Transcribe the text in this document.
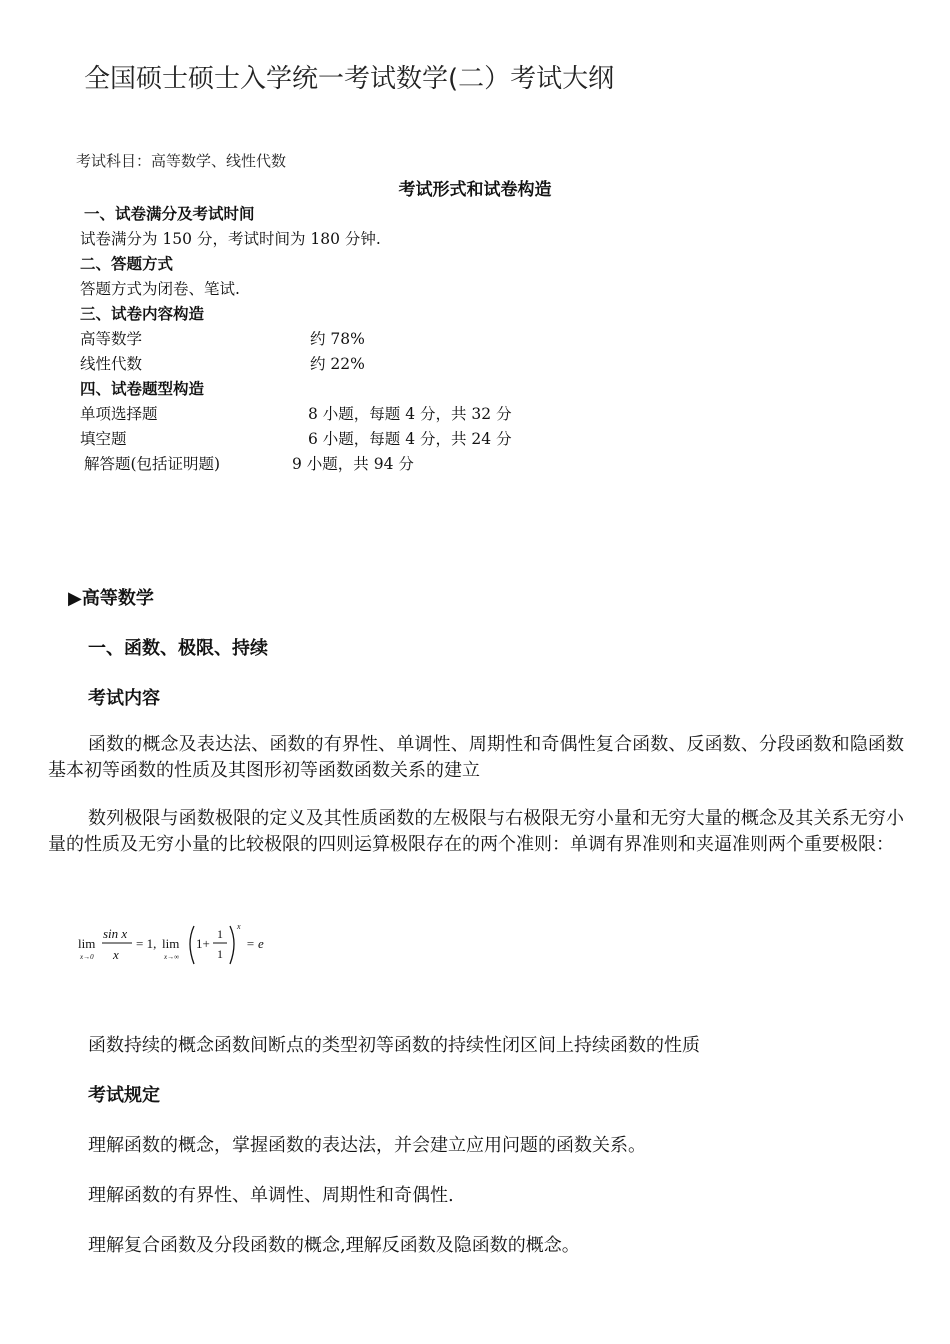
全国硕士硕士入学统一考试数学(二）考试大纲
考试科目：高等数学、线性代数
考试形式和试卷构造
一、试卷满分及考试时间
试卷满分为 150 分，考试时间为 180 分钟.
二、答题方式
答题方式为闭卷、笔试.
三、试卷内容构造
高等数学	约 78%
线性代数	约 22%
四、试卷题型构造
单项选择题	8 小题，每题 4 分，共 32 分
填空题	6 小题，每题 4 分，共 24 分
解答题(包括证明题)	9 小题，共 94 分
▶高等数学
一、函数、极限、持续
考试内容
函数的概念及表达法、函数的有界性、单调性、周期性和奇偶性复合函数、反函数、分段函数和隐函数基本初等函数的性质及其图形初等函数函数关系的建立
数列极限与函数极限的定义及其性质函数的左极限与右极限无穷小量和无穷大量的概念及其关系无穷小量的性质及无穷小量的比较极限的四则运算极限存在的两个准则：单调有界准则和夹逼准则两个重要极限：
lim
x→0
sin x
x
= 1, lim
x→∞
1+
1
1
x
= e
函数持续的概念函数间断点的类型初等函数的持续性闭区间上持续函数的性质
考试规定
理解函数的概念，掌握函数的表达法，并会建立应用问题的函数关系。
理解函数的有界性、单调性、周期性和奇偶性.
理解复合函数及分段函数的概念,理解反函数及隐函数的概念。
